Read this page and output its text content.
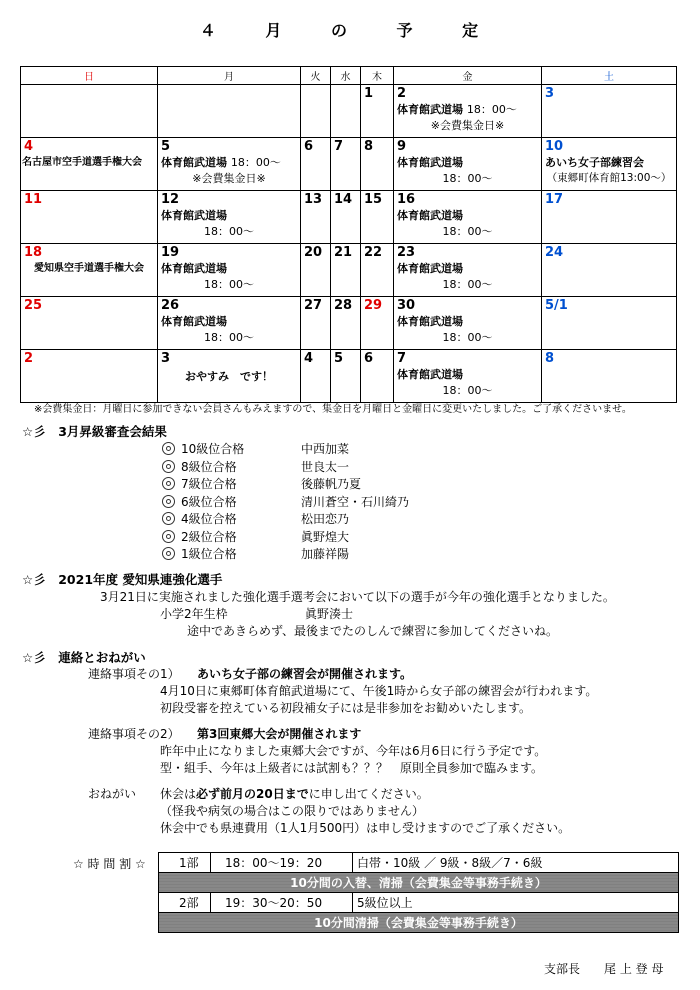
４ 月 の 予 定
日	月	火	水	木	金	土

				1	2
体育館武道場 18：00～
※会費集金日※	3

4
名古屋市空手道選手権大会	5
体育館武道場 18：00～
※会費集金日※	6	7	8	9
体育館武道場
18：00～	10
あいち女子部練習会
（東郷町体育館13:00～）

11	12
体育館武道場
18：00～	13	14	15	16
体育館武道場
18：00～	17

18
愛知県空手道選手権大会	19
体育館武道場
18：00～	20	21	22	23
体育館武道場
18：00～	24

25	26
体育館武道場
18：00～	27	28	29	30
体育館武道場
18：00～	5/1

2	3
おやすみ　です！	4	5	6	7
体育館武道場
18：00～	8
※会費集金日：月曜日に参加できない会員さんもみえますので、集金日を月曜日と金曜日に変更いたしました。ご了承くださいませ。
☆彡　 3月昇級審査会結果
10級位合格	中西加菜
8級位合格	世良太一
7級位合格	後藤帆乃夏
6級位合格	清川蒼空・石川綺乃
4級位合格	松田恋乃
2級位合格	眞野煌大
1級位合格	加藤祥陽
☆彡　 2021年度 愛知県連強化選手
3月21日に実施されました強化選手選考会において以下の選手が今年の強化選手となりました。
小学2年生枠	眞野湊士
途中であきらめず、最後までたのしんで練習に参加してくださいね。
☆彡　 連絡とおねがい
連絡事項その1） あいち女子部の練習会が開催されます。
4月10日に東郷町体育館武道場にて、午後1時から女子部の練習会が行われます。
初段受審を控えている初段補女子には是非参加をお勧めいたします。
連絡事項その2） 第3回東郷大会が開催されます
昨年中止になりました東郷大会ですが、今年は6月6日に行う予定です。
型・組手、今年は上級者には試割も？？？　原則全員参加で臨みます。
おねがい 休会は必ず前月の20日までに申し出てください。
（怪我や病気の場合はこの限りではありません）
休会中でも県連費用（1人1月500円）は申し受けますのでご了承ください。
☆ 時 間 割 ☆	1部	18：00～19：20	白帯・10級 ／ 9級・8級／7・6級
10分間の入替、清掃（会費集金等事務手続き）		
2部	19：30～20：50	5級位以上
10分間清掃（会費集金等事務手続き）		
支部長　　尾 上 登 母
